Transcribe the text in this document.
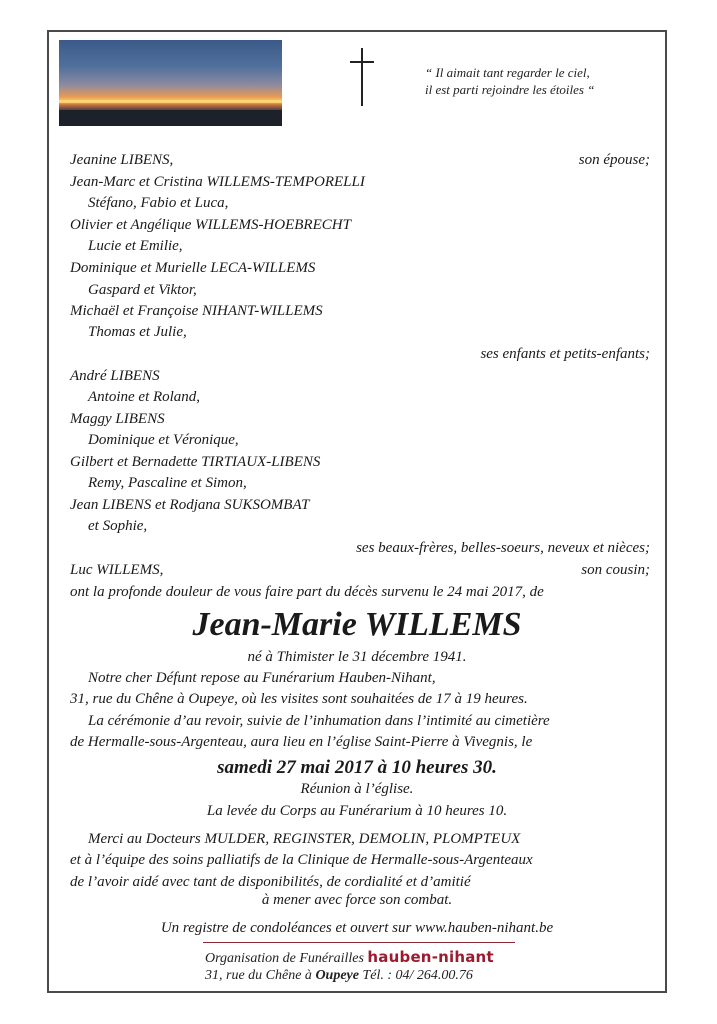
“ Il aimait tant regarder le ciel,
il est parti rejoindre les étoiles “
Jeanine LIBENS,	son épouse;
Jean-Marc et Cristina WILLEMS-TEMPORELLI
Stéfano, Fabio et Luca,
Olivier et Angélique WILLEMS-HOEBRECHT
Lucie et Emilie,
Dominique et Murielle LECA-WILLEMS
Gaspard et Viktor,
Michaël et Françoise NIHANT-WILLEMS
Thomas et Julie,
ses enfants et petits-enfants;
André LIBENS
Antoine et Roland,
Maggy LIBENS
Dominique et Véronique,
Gilbert et Bernadette TIRTIAUX-LIBENS
Remy, Pascaline et Simon,
Jean LIBENS et Rodjana SUKSOMBAT
et Sophie,
ses beaux-frères, belles-soeurs, neveux et nièces;
Luc WILLEMS,	son cousin;
ont la profonde douleur de vous faire part du décès survenu le 24 mai 2017, de
Jean-Marie WILLEMS
né à Thimister le 31 décembre 1941.
Notre cher Défunt repose au Funérarium Hauben-Nihant,
31, rue du Chêne à Oupeye, où les visites sont souhaitées de 17 à 19 heures.
La cérémonie d’au revoir, suivie de l’inhumation dans l’intimité au cimetière
de Hermalle-sous-Argenteau, aura lieu en l’église Saint-Pierre à Vivegnis, le
samedi 27 mai 2017 à 10 heures 30.
Réunion à l’église.
La levée du Corps au Funérarium à 10 heures 10.
Merci au Docteurs MULDER, REGINSTER, DEMOLIN, PLOMPTEUX
et à l’équipe des soins palliatifs de la Clinique de Hermalle-sous-Argenteaux
de l’avoir aidé avec tant de disponibilités, de cordialité et d’amitié
à mener avec force son combat.
Un registre de condoléances et ouvert sur www.hauben-nihant.be
Organisation de Funérailles hauben-nihant
31, rue du Chêne à Oupeye Tél. : 04/ 264.00.76
